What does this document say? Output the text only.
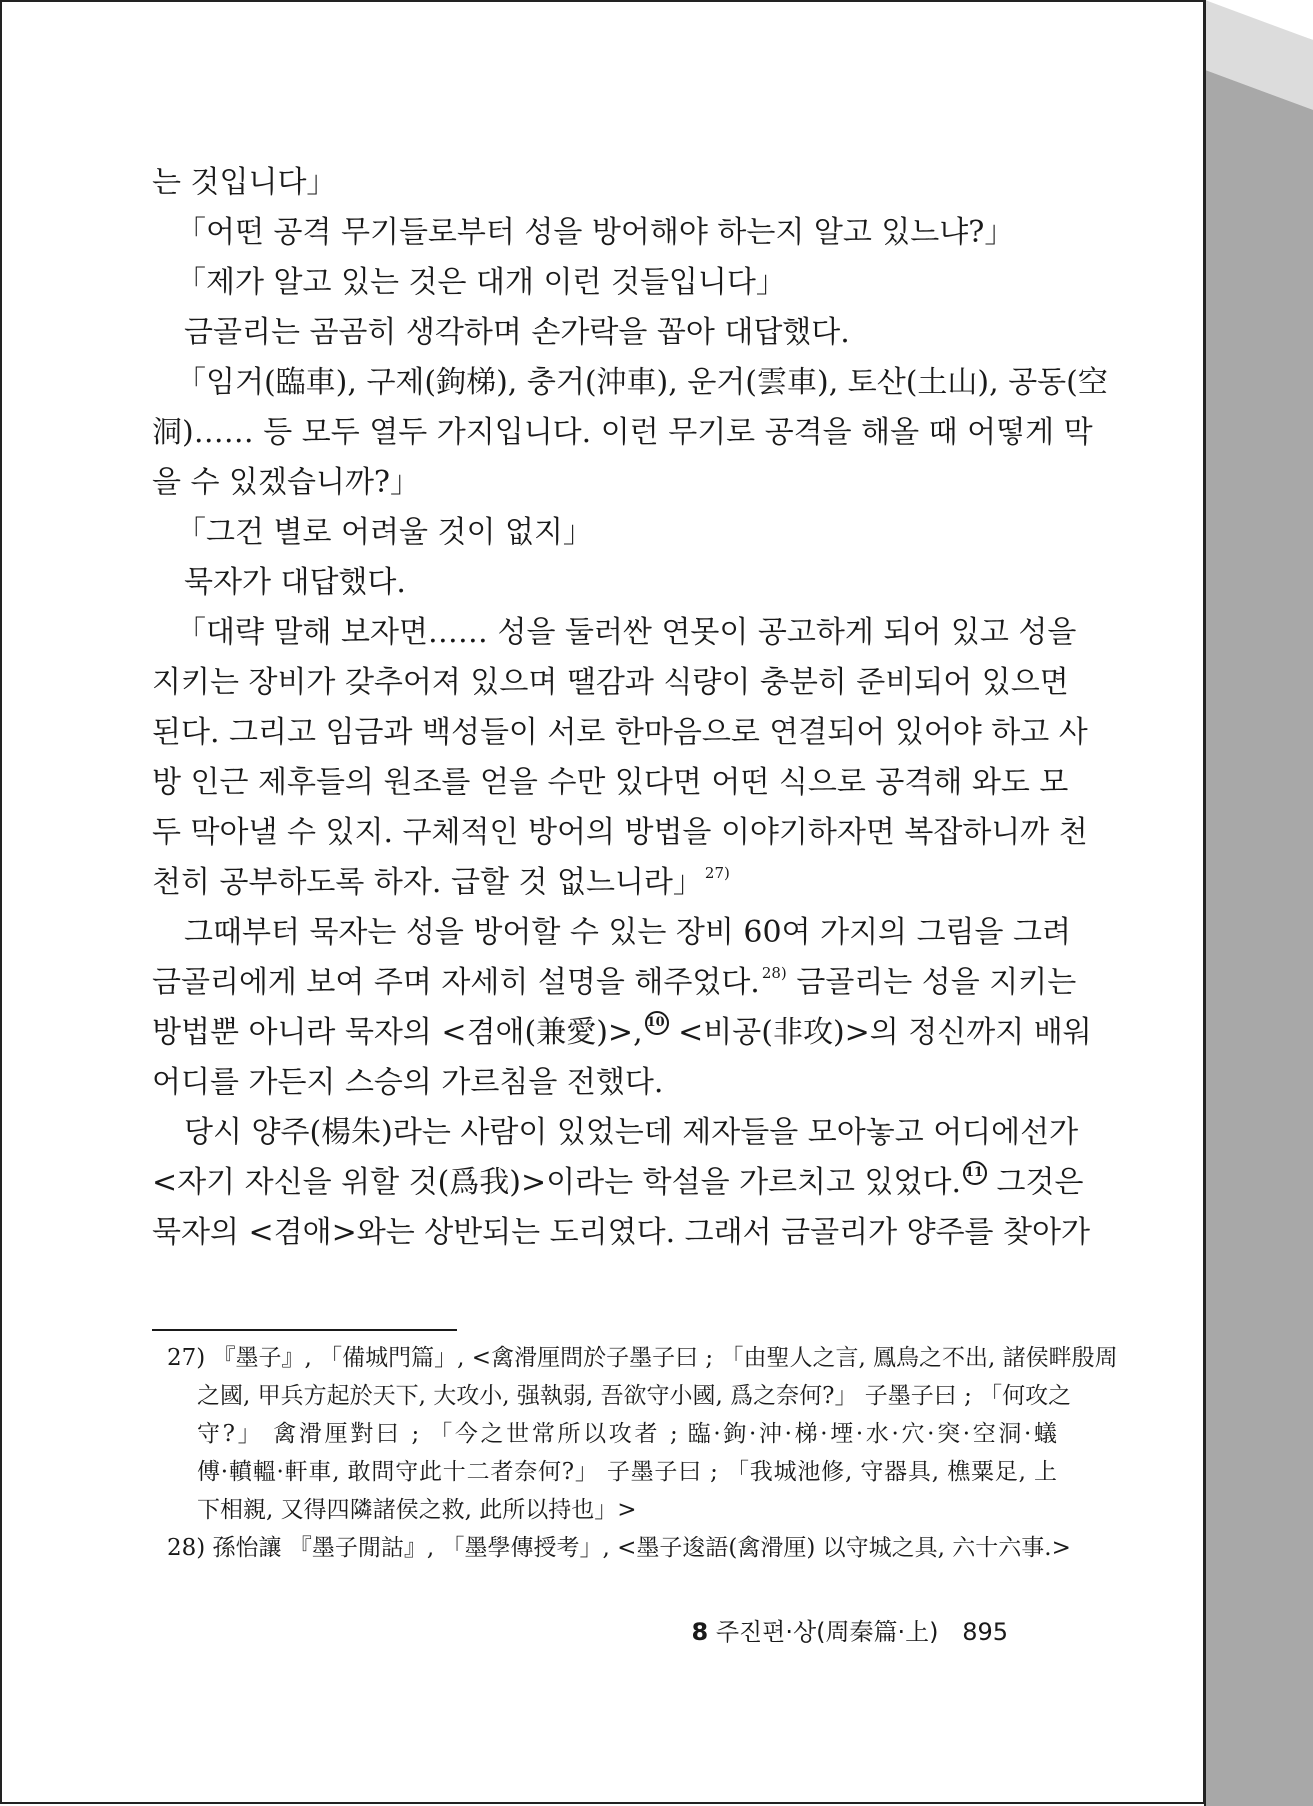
는 것입니다」
「어떤 공격 무기들로부터 성을 방어해야 하는지 알고 있느냐?」
「제가 알고 있는 것은 대개 이런 것들입니다」
금골리는 곰곰히 생각하며 손가락을 꼽아 대답했다.
「임거(臨車), 구제(鉤梯), 충거(沖車), 운거(雲車), 토산(土山), 공동(空
洞)…… 등 모두 열두 가지입니다. 이런 무기로 공격을 해올 때 어떻게 막
을 수 있겠습니까?」
「그건 별로 어려울 것이 없지」
묵자가 대답했다.
「대략 말해 보자면…… 성을 둘러싼 연못이 공고하게 되어 있고 성을
지키는 장비가 갖추어져 있으며 땔감과 식량이 충분히 준비되어 있으면
된다. 그리고 임금과 백성들이 서로 한마음으로 연결되어 있어야 하고 사
방 인근 제후들의 원조를 얻을 수만 있다면 어떤 식으로 공격해 와도 모
두 막아낼 수 있지. 구체적인 방어의 방법을 이야기하자면 복잡하니까 천
천히 공부하도록 하자. 급할 것 없느니라」 $^{27)}$
그때부터 묵자는 성을 방어할 수 있는 장비 60여 가지의 그림을 그려
금골리에게 보여 주며 자세히 설명을 해주었다. $^{28)}$ 금골리는 성을 지키는
방법뿐 아니라 묵자의 <겸애(兼愛)>, 10 <비공(非攻)>의 정신까지 배워
어디를 가든지 스승의 가르침을 전했다.
당시 양주(楊朱)라는 사람이 있었는데 제자들을 모아놓고 어디에선가
<자기 자신을 위할 것(爲我)>이라는 학설을 가르치고 있었다. 11 그것은
묵자의 <겸애>와는 상반되는 도리였다. 그래서 금골리가 양주를 찾아가
27) 『墨子』, 「備城門篇」, <禽滑厘問於子墨子曰 ; 「由聖人之言, 鳳鳥之不出, 諸侯畔殷周
之國, 甲兵方起於天下, 大攻小, 强執弱, 吾欲守小國, 爲之奈何?」 子墨子曰 ; 「何攻之
守?」 禽滑厘對曰 ; 「今之世常所以攻者 ; 臨·鉤·沖·梯·堙·水·穴·突·空洞·蟻
傅·轒轀·軒車, 敢問守此十二者奈何?」 子墨子曰 ; 「我城池修, 守器具, 樵粟足, 上
下相親, 又得四隣諸侯之救, 此所以持也」>
28) 孫怡讓 『墨子閒詁』, 「墨學傳授考」, <墨子逡語(禽滑厘) 以守城之具, 六十六事.>
8 주진편·상(周秦篇·上) 895
